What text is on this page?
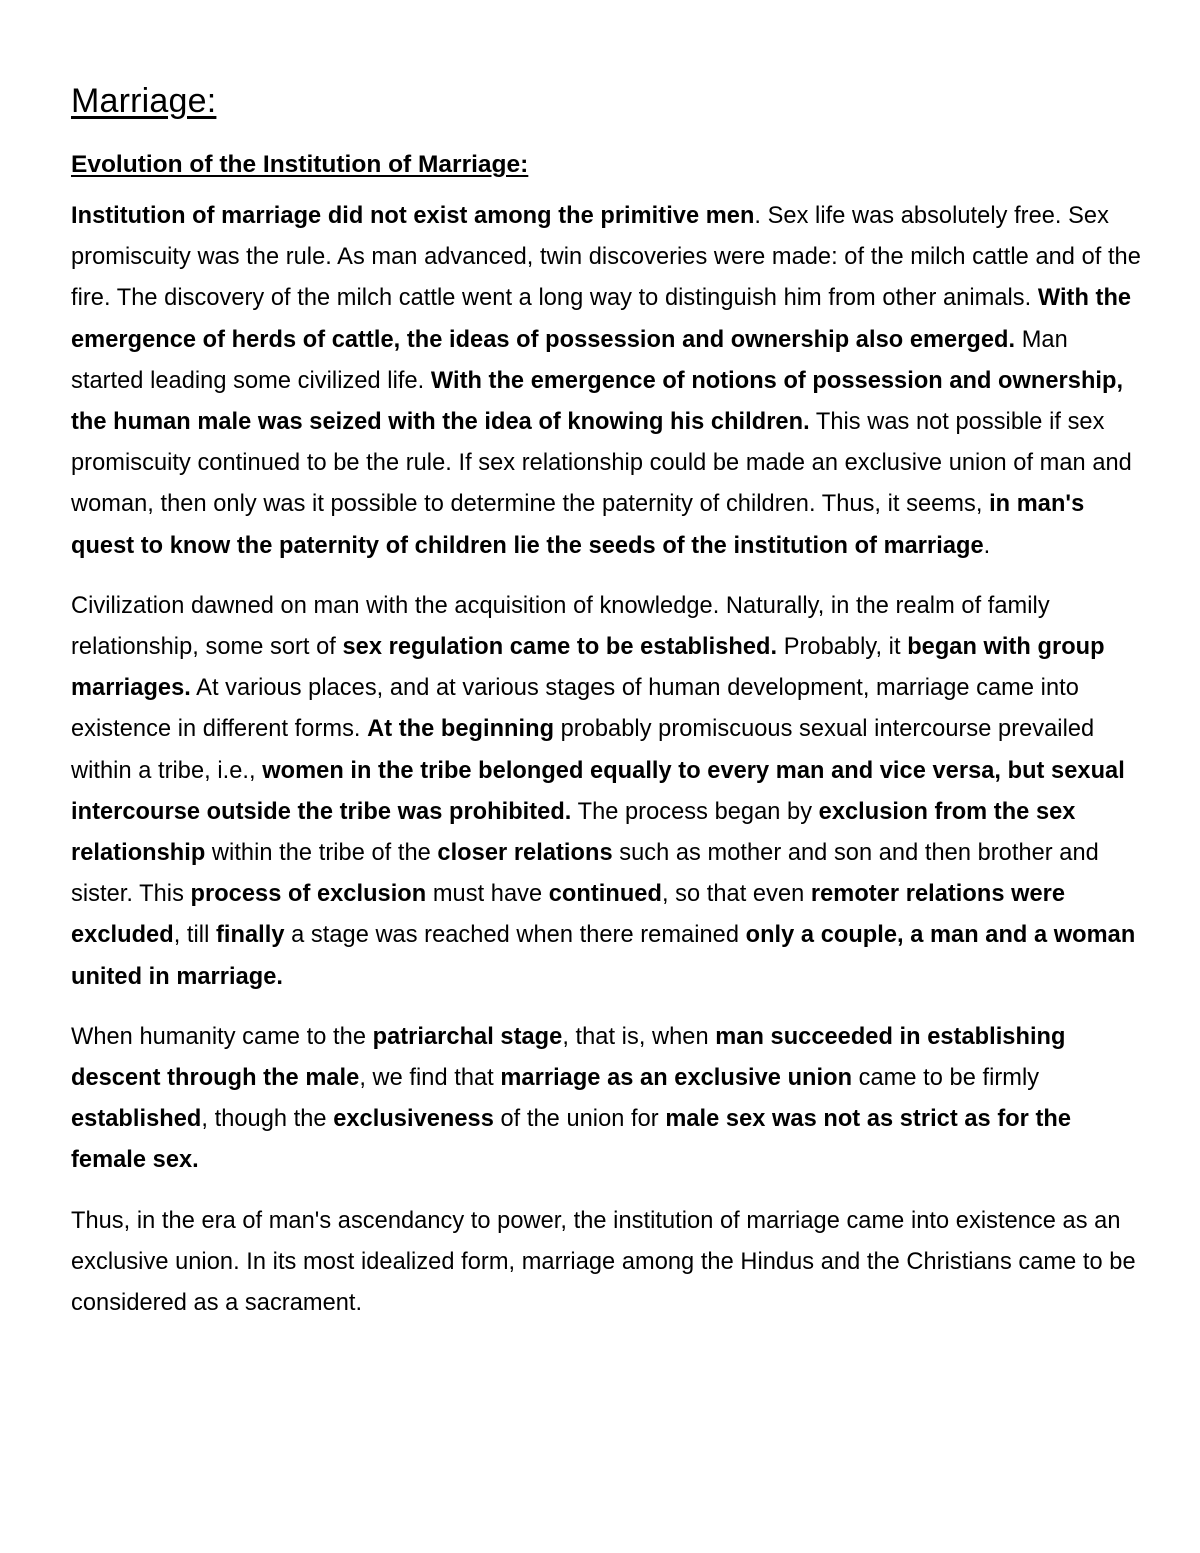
Marriage:
Evolution of the Institution of Marriage:

Institution of marriage did not exist among the primitive men. Sex life was absolutely free. Sex promiscuity was the rule. As man advanced, twin discoveries were made: of the milch cattle and of the fire. The discovery of the milch cattle went a long way to distinguish him from other animals. With the emergence of herds of cattle, the ideas of possession and ownership also emerged. Man started leading some civilized life. With the emergence of notions of possession and ownership, the human male was seized with the idea of knowing his children. This was not possible if sex promiscuity continued to be the rule. If sex relationship could be made an exclusive union of man and woman, then only was it possible to determine the paternity of children. Thus, it seems, in man's quest to know the paternity of children lie the seeds of the institution of marriage.

Civilization dawned on man with the acquisition of knowledge. Naturally, in the realm of family relationship, some sort of sex regulation came to be established. Probably, it began with group marriages. At various places, and at various stages of human development, marriage came into existence in different forms. At the beginning probably promiscuous sexual intercourse prevailed within a tribe, i.e., women in the tribe belonged equally to every man and vice versa, but sexual intercourse outside the tribe was prohibited. The process began by exclusion from the sex relationship within the tribe of the closer relations such as mother and son and then brother and sister. This process of exclusion must have continued, so that even remoter relations were excluded, till finally a stage was reached when there remained only a couple, a man and a woman united in marriage.

When humanity came to the patriarchal stage, that is, when man succeeded in establishing descent through the male, we find that marriage as an exclusive union came to be firmly established, though the exclusiveness of the union for male sex was not as strict as for the female sex.

Thus, in the era of man's ascendancy to power, the institution of marriage came into existence as an exclusive union. In its most idealized form, marriage among the Hindus and the Christians came to be considered as a sacrament.
